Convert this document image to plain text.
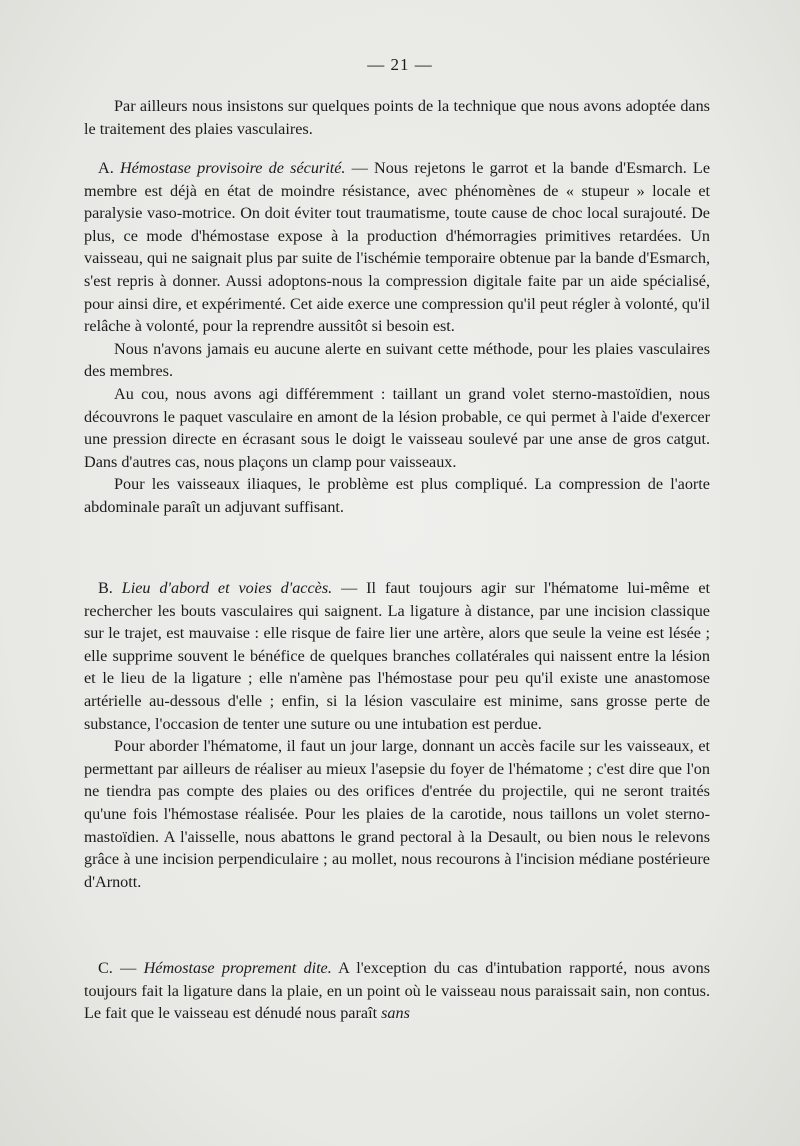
— 21 —

Par ailleurs nous insistons sur quelques points de la technique que nous avons adoptée dans le traitement des plaies vasculaires.

A. Hémostase provisoire de sécurité. — Nous rejetons le garrot et la bande d'Esmarch. Le membre est déjà en état de moindre résistance, avec phénomènes de « stupeur » locale et paralysie vaso-motrice. On doit éviter tout traumatisme, toute cause de choc local surajouté. De plus, ce mode d'hémostase expose à la production d'hémorragies primitives retardées. Un vaisseau, qui ne saignait plus par suite de l'ischémie temporaire obtenue par la bande d'Esmarch, s'est repris à donner. Aussi adoptons-nous la compression digitale faite par un aide spécialisé, pour ainsi dire, et expérimenté. Cet aide exerce une compression qu'il peut régler à volonté, qu'il relâche à volonté, pour la reprendre aussitôt si besoin est.

Nous n'avons jamais eu aucune alerte en suivant cette méthode, pour les plaies vasculaires des membres.

Au cou, nous avons agi différemment : taillant un grand volet sterno-mastoïdien, nous découvrons le paquet vasculaire en amont de la lésion probable, ce qui permet à l'aide d'exercer une pression directe en écrasant sous le doigt le vaisseau soulevé par une anse de gros catgut. Dans d'autres cas, nous plaçons un clamp pour vaisseaux.

Pour les vaisseaux iliaques, le problème est plus compliqué. La compression de l'aorte abdominale paraît un adjuvant suffisant.

B. Lieu d'abord et voies d'accès. — Il faut toujours agir sur l'hématome lui-même et rechercher les bouts vasculaires qui saignent. La ligature à distance, par une incision classique sur le trajet, est mauvaise : elle risque de faire lier une artère, alors que seule la veine est lésée ; elle supprime souvent le bénéfice de quelques branches collatérales qui naissent entre la lésion et le lieu de la ligature ; elle n'amène pas l'hémostase pour peu qu'il existe une anastomose artérielle au-dessous d'elle ; enfin, si la lésion vasculaire est minime, sans grosse perte de substance, l'occasion de tenter une suture ou une intubation est perdue.

Pour aborder l'hématome, il faut un jour large, donnant un accès facile sur les vaisseaux, et permettant par ailleurs de réaliser au mieux l'asepsie du foyer de l'hématome ; c'est dire que l'on ne tiendra pas compte des plaies ou des orifices d'entrée du projectile, qui ne seront traités qu'une fois l'hémostase réalisée. Pour les plaies de la carotide, nous taillons un volet sterno-mastoïdien. A l'aisselle, nous abattons le grand pectoral à la Desault, ou bien nous le relevons grâce à une incision perpendiculaire ; au mollet, nous recourons à l'incision médiane postérieure d'Arnott.

C. — Hémostase proprement dite. A l'exception du cas d'intubation rapporté, nous avons toujours fait la ligature dans la plaie, en un point où le vaisseau nous paraissait sain, non contus. Le fait que le vaisseau est dénudé nous paraît sans
